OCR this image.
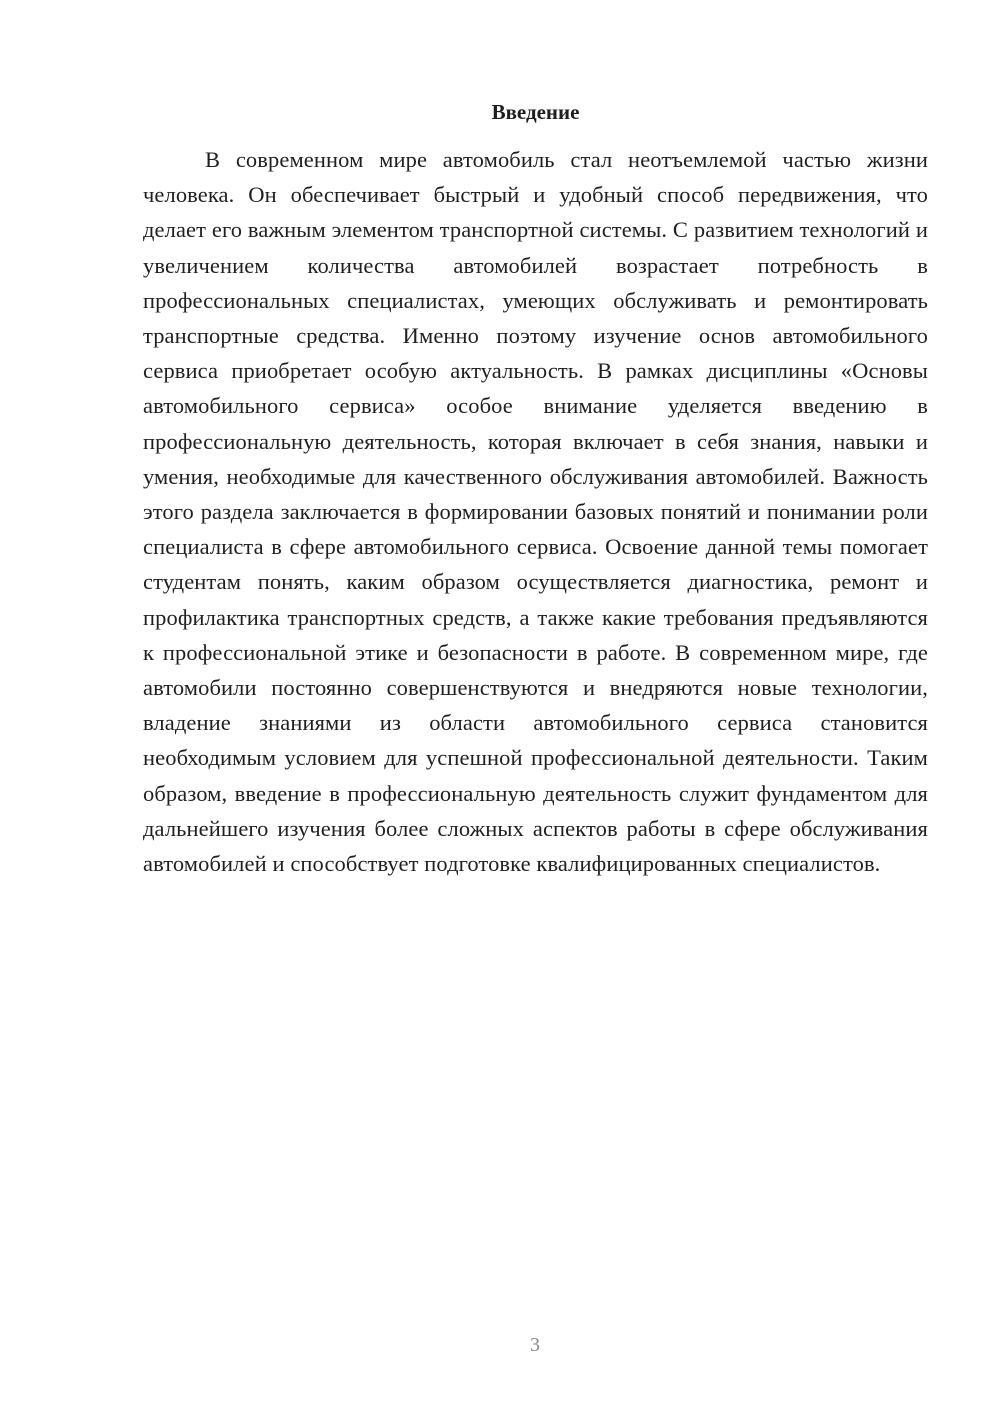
Введение

В современном мире автомобиль стал неотъемлемой частью жизни человека. Он обеспечивает быстрый и удобный способ передвижения, что делает его важным элементом транспортной системы. С развитием технологий и увеличением количества автомобилей возрастает потребность в профессиональных специалистах, умеющих обслуживать и ремонтировать транспортные средства. Именно поэтому изучение основ автомобильного сервиса приобретает особую актуальность. В рамках дисциплины «Основы автомобильного сервиса» особое внимание уделяется введению в профессиональную деятельность, которая включает в себя знания, навыки и умения, необходимые для качественного обслуживания автомобилей. Важность этого раздела заключается в формировании базовых понятий и понимании роли специалиста в сфере автомобильного сервиса. Освоение данной темы помогает студентам понять, каким образом осуществляется диагностика, ремонт и профилактика транспортных средств, а также какие требования предъявляются к профессиональной этике и безопасности в работе. В современном мире, где автомобили постоянно совершенствуются и внедряются новые технологии, владение знаниями из области автомобильного сервиса становится необходимым условием для успешной профессиональной деятельности. Таким образом, введение в профессиональную деятельность служит фундаментом для дальнейшего изучения более сложных аспектов работы в сфере обслуживания автомобилей и способствует подготовке квалифицированных специалистов.

3
